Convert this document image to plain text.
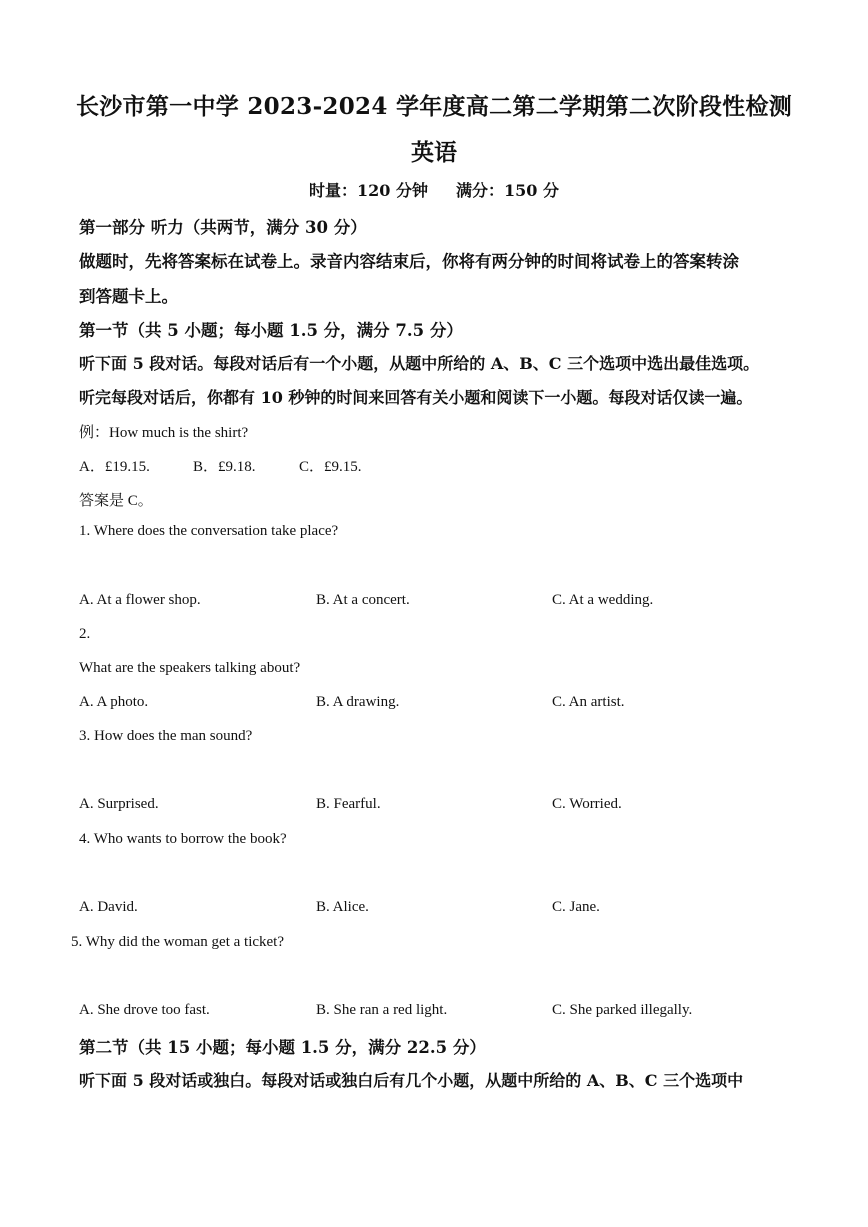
长沙市第一中学 2023-2024 学年度高二第二学期第二次阶段性检测
英语
时量：120 分钟 满分：150 分
第一部分 听力（共两节，满分 30 分）
做题时，先将答案标在试卷上。录音内容结束后，你将有两分钟的时间将试卷上的答案转涂
到答题卡上。
第一节（共 5 小题；每小题 1.5 分，满分 7.5 分）
听下面 5 段对话。每段对话后有一个小题，从题中所给的 A、B、C 三个选项中选出最佳选项。
听完每段对话后，你都有 10 秒钟的时间来回答有关小题和阅读下一小题。每段对话仅读一遍。
例：How much is the shirt?
A．£19.15.	B．£9.18.	C．£9.15.
答案是 C。
1. Where does the conversation take place?
A. At a flower shop.	B. At a concert.	C. At a wedding.
2.
What are the speakers talking about?
A. A photo.	B. A drawing.	C. An artist.
3. How does the man sound?
A. Surprised.	B. Fearful.	C. Worried.
4. Who wants to borrow the book?
A. David.	B. Alice.	C. Jane.
5. Why did the woman get a ticket?
A. She drove too fast.	B. She ran a red light.	C. She parked illegally.
第二节（共 15 小题；每小题 1.5 分，满分 22.5 分）
听下面 5 段对话或独白。每段对话或独白后有几个小题，从题中所给的 A、B、C 三个选项中
